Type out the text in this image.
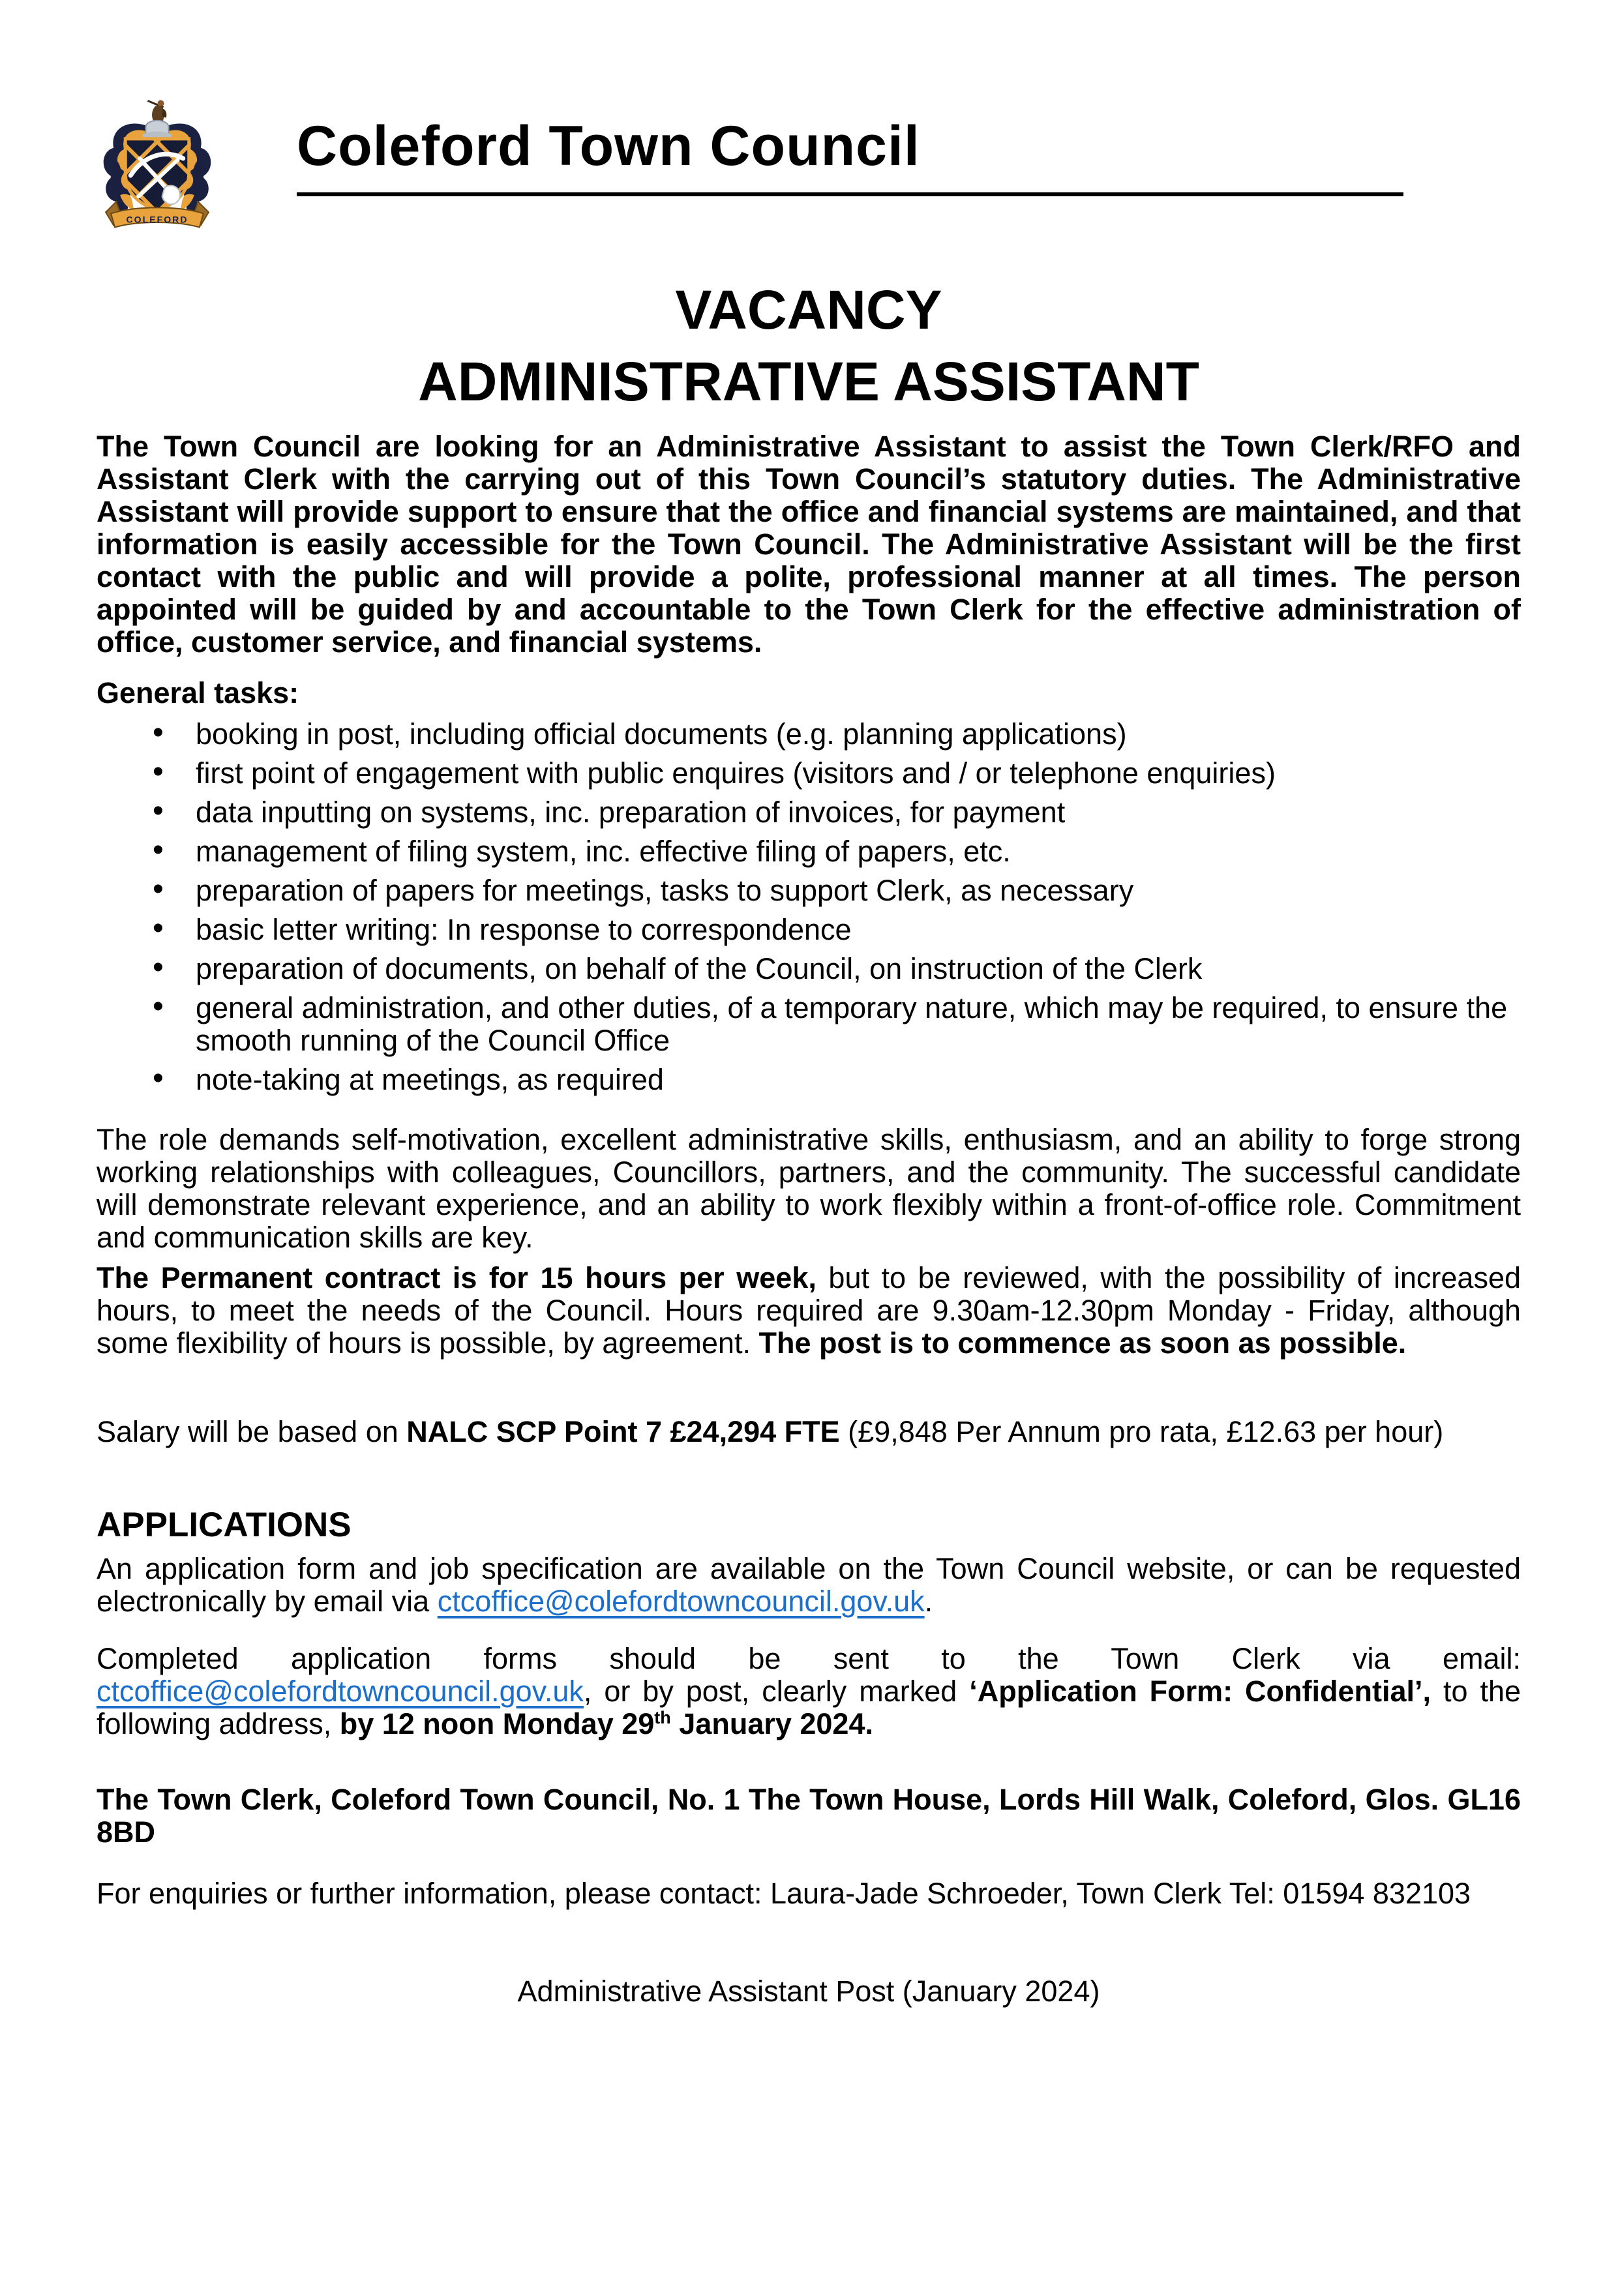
COLEFORD
Coleford Town Council
VACANCY
ADMINISTRATIVE ASSISTANT

The Town Council are looking for an Administrative Assistant to assist the Town Clerk/RFO and Assistant Clerk with the carrying out of this Town Council’s statutory duties. The Administrative Assistant will provide support to ensure that the office and financial systems are maintained, and that information is easily accessible for the Town Council. The Administrative Assistant will be the first contact with the public and will provide a polite, professional manner at all times. The person appointed will be guided by and accountable to the Town Clerk for the effective administration of office, customer service, and financial systems.

General tasks:

• booking in post, including official documents (e.g. planning applications)
• first point of engagement with public enquires (visitors and / or telephone enquiries)
• data inputting on systems, inc. preparation of invoices, for payment
• management of filing system, inc. effective filing of papers, etc.
• preparation of papers for meetings, tasks to support Clerk, as necessary
• basic letter writing: In response to correspondence
• preparation of documents, on behalf of the Council, on instruction of the Clerk
• general administration, and other duties, of a temporary nature, which may be required, to ensure the smooth running of the Council Office
• note-taking at meetings, as required

The role demands self-motivation, excellent administrative skills, enthusiasm, and an ability to forge strong working relationships with colleagues, Councillors, partners, and the community. The successful candidate will demonstrate relevant experience, and an ability to work flexibly within a front-of-office role. Commitment and communication skills are key.

The Permanent contract is for 15 hours per week, but to be reviewed, with the possibility of increased hours, to meet the needs of the Council. Hours required are 9.30am-12.30pm Monday - Friday, although some flexibility of hours is possible, by agreement. The post is to commence as soon as possible.

Salary will be based on NALC SCP Point 7 £24,294 FTE (£9,848 Per Annum pro rata, £12.63 per hour)

APPLICATIONS

An application form and job specification are available on the Town Council website, or can be requested electronically by email via ctcoffice@colefordtowncouncil.gov.uk.

Completed application forms should be sent to the Town Clerk via email: ctcoffice@colefordtowncouncil.gov.uk, or by post, clearly marked ‘Application Form: Confidential’, to the following address, by 12 noon Monday 29th January 2024.

The Town Clerk, Coleford Town Council, No. 1 The Town House, Lords Hill Walk, Coleford, Glos. GL16 8BD

For enquiries or further information, please contact: Laura-Jade Schroeder, Town Clerk Tel: 01594 832103

Administrative Assistant Post (January 2024)
